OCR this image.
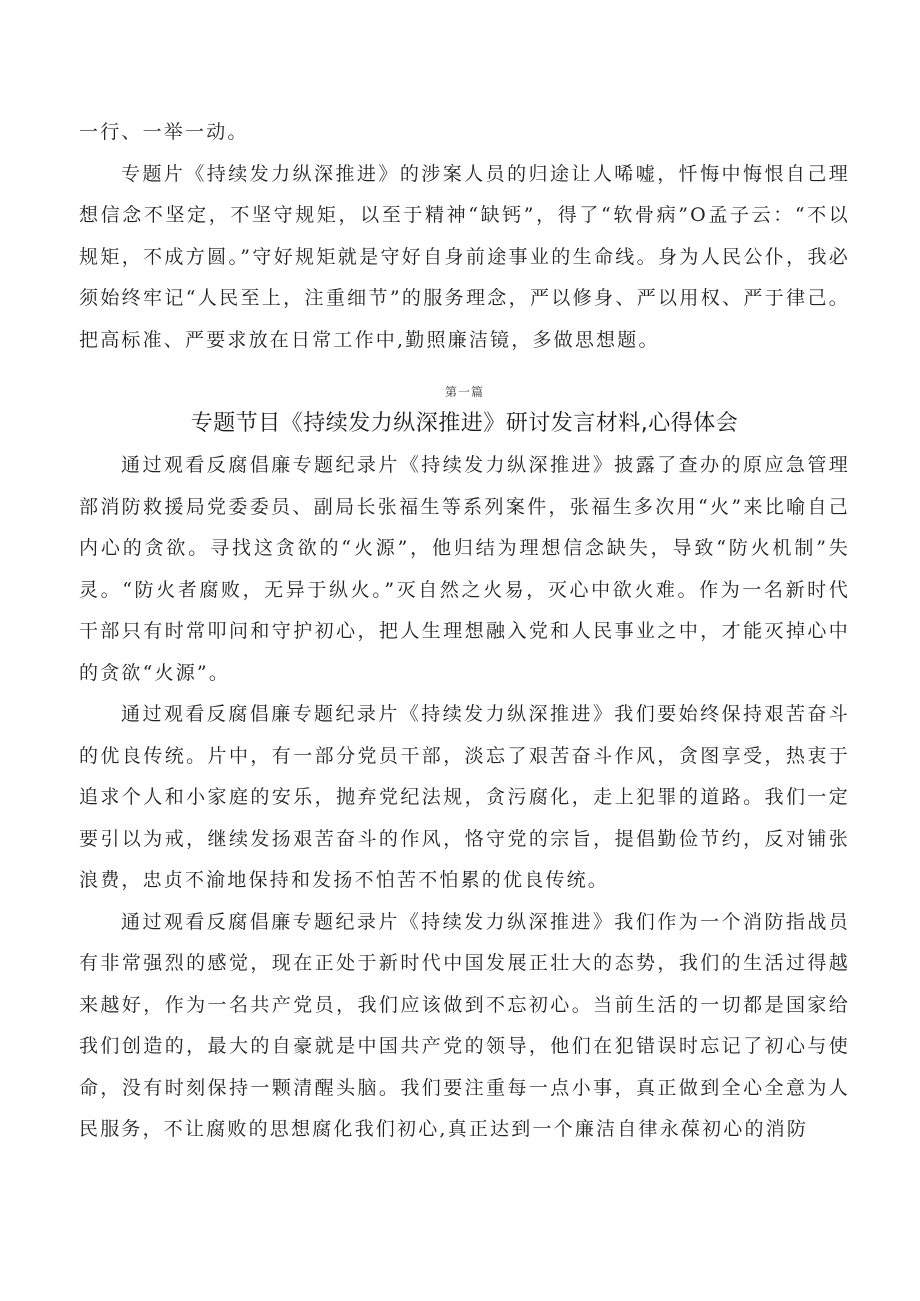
一行、一举一动。

专题片《持续发力纵深推进》的涉案人员的归途让人唏嘘，忏悔中悔恨自己理想信念不坚定，不坚守规矩，以至于精神“缺钙”，得了“软骨病”O孟子云：“不以规矩，不成方圆。”守好规矩就是守好自身前途事业的生命线。身为人民公仆，我必须始终牢记“人民至上，注重细节”的服务理念，严以修身、严以用权、严于律己。把高标准、严要求放在日常工作中,勤照廉洁镜，多做思想题。

第一篇
专题节目《持续发力纵深推进》研讨发言材料,心得体会

通过观看反腐倡廉专题纪录片《持续发力纵深推进》披露了查办的原应急管理部消防救援局党委委员、副局长张福生等系列案件，张福生多次用“火”来比喻自己内心的贪欲。寻找这贪欲的“火源”，他归结为理想信念缺失，导致“防火机制”失灵。“防火者腐败，无异于纵火。”灭自然之火易，灭心中欲火难。作为一名新时代干部只有时常叩问和守护初心，把人生理想融入党和人民事业之中，才能灭掉心中的贪欲“火源”。

通过观看反腐倡廉专题纪录片《持续发力纵深推进》我们要始终保持艰苦奋斗的优良传统。片中，有一部分党员干部，淡忘了艰苦奋斗作风，贪图享受，热衷于追求个人和小家庭的安乐，抛弃党纪法规，贪污腐化，走上犯罪的道路。我们一定要引以为戒，继续发扬艰苦奋斗的作风，恪守党的宗旨，提倡勤俭节约，反对铺张浪费，忠贞不渝地保持和发扬不怕苦不怕累的优良传统。

通过观看反腐倡廉专题纪录片《持续发力纵深推进》我们作为一个消防指战员有非常强烈的感觉，现在正处于新时代中国发展正壮大的态势，我们的生活过得越来越好，作为一名共产党员，我们应该做到不忘初心。当前生活的一切都是国家给我们创造的，最大的自豪就是中国共产党的领导，他们在犯错误时忘记了初心与使命，没有时刻保持一颗清醒头脑。我们要注重每一点小事，真正做到全心全意为人民服务，不让腐败的思想腐化我们初心,真正达到一个廉洁自律永葆初心的消防
